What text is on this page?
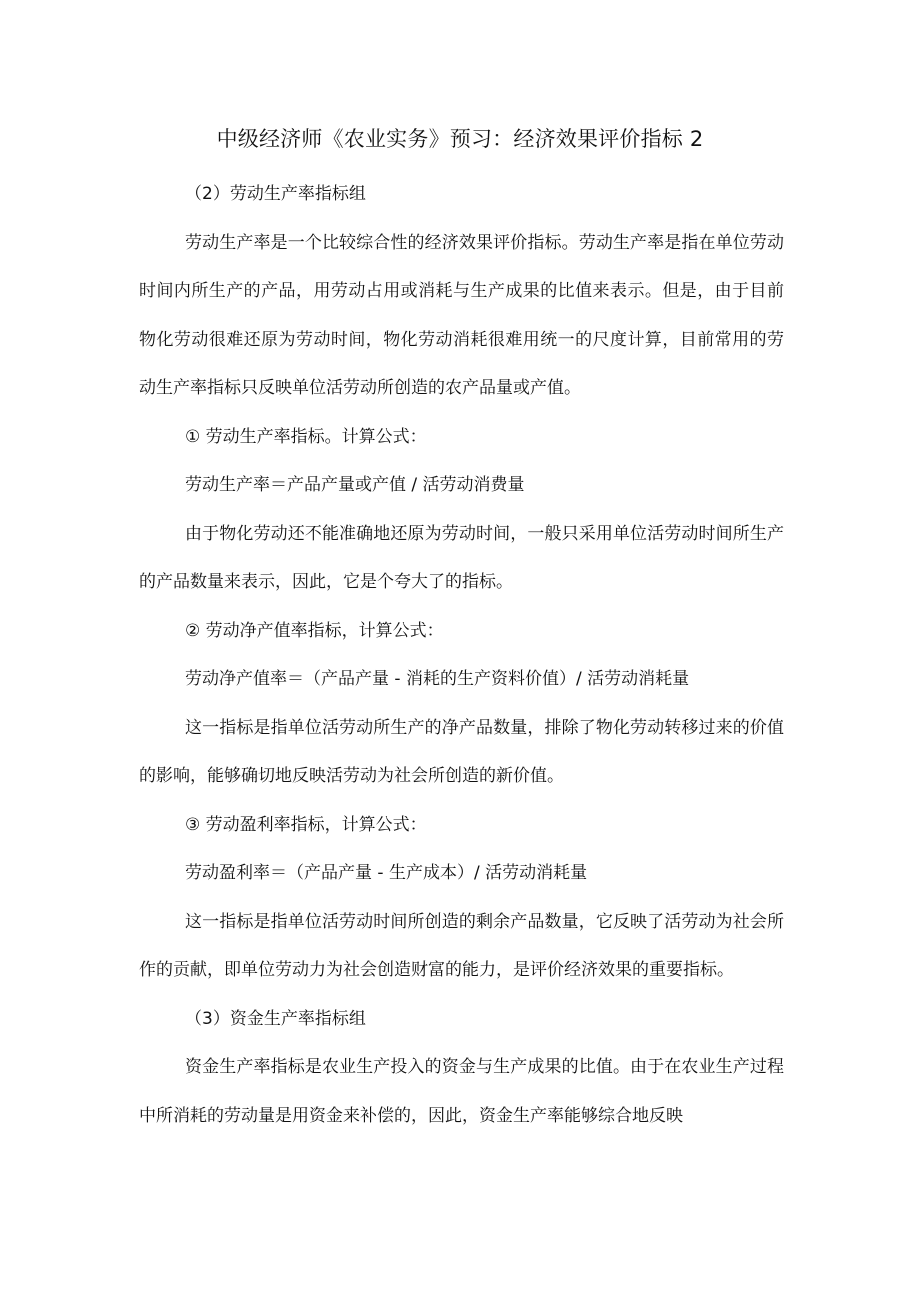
中级经济师《农业实务》预习：经济效果评价指标 2

（2）劳动生产率指标组

劳动生产率是一个比较综合性的经济效果评价指标。劳动生产率是指在单位劳动时间内所生产的产品，用劳动占用或消耗与生产成果的比值来表示。但是，由于目前物化劳动很难还原为劳动时间，物化劳动消耗很难用统一的尺度计算，目前常用的劳动生产率指标只反映单位活劳动所创造的农产品量或产值。

① 劳动生产率指标。计算公式：

劳动生产率＝产品产量或产值 / 活劳动消费量

由于物化劳动还不能准确地还原为劳动时间，一般只采用单位活劳动时间所生产的产品数量来表示，因此，它是个夸大了的指标。

② 劳动净产值率指标，计算公式：

劳动净产值率＝（产品产量 - 消耗的生产资料价值）/ 活劳动消耗量

这一指标是指单位活劳动所生产的净产品数量，排除了物化劳动转移过来的价值的影响，能够确切地反映活劳动为社会所创造的新价值。

③ 劳动盈利率指标，计算公式：

劳动盈利率＝（产品产量 - 生产成本）/ 活劳动消耗量

这一指标是指单位活劳动时间所创造的剩余产品数量，它反映了活劳动为社会所作的贡献，即单位劳动力为社会创造财富的能力，是评价经济效果的重要指标。

（3）资金生产率指标组

资金生产率指标是农业生产投入的资金与生产成果的比值。由于在农业生产过程中所消耗的劳动量是用资金来补偿的，因此，资金生产率能够综合地反映
